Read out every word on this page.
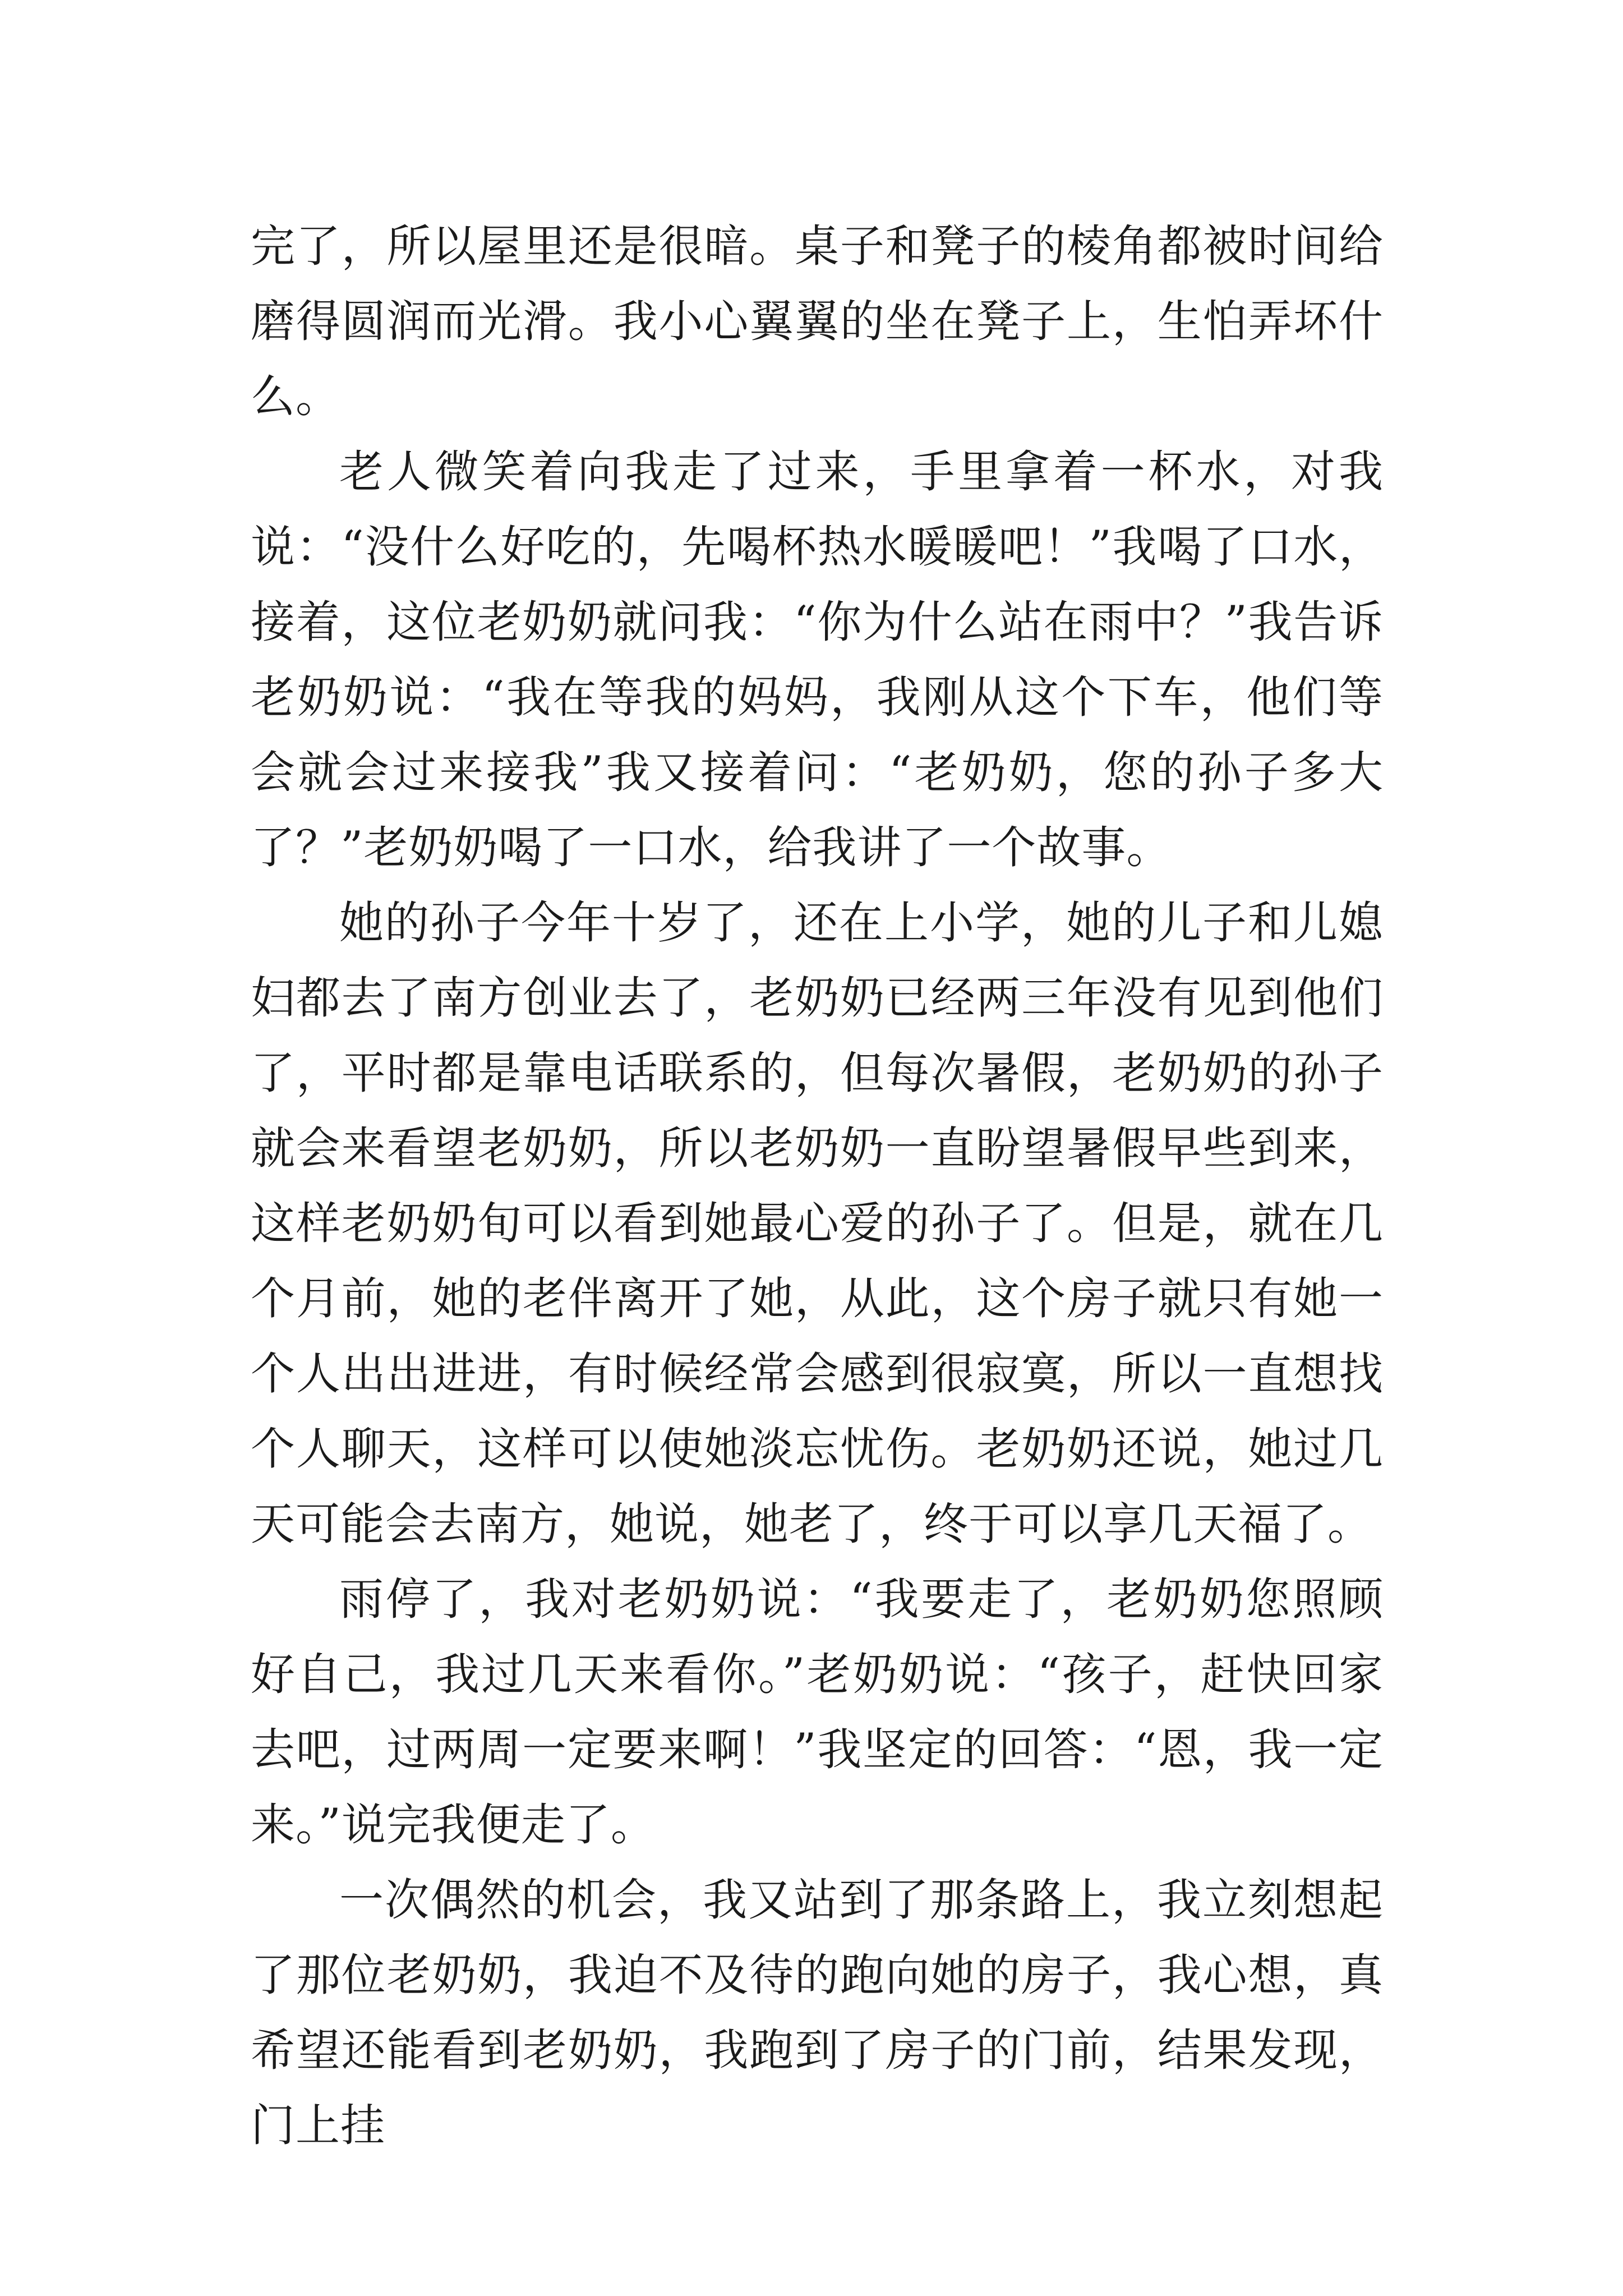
完了，所以屋里还是很暗。桌子和凳子的棱角都被时间给磨得圆润而光滑。我小心翼翼的坐在凳子上，生怕弄坏什么。

老人微笑着向我走了过来，手里拿着一杯水，对我说：“没什么好吃的，先喝杯热水暖暖吧！”我喝了口水，接着，这位老奶奶就问我：“你为什么站在雨中？”我告诉老奶奶说：“我在等我的妈妈，我刚从这个下车，他们等会就会过来接我”我又接着问：“老奶奶，您的孙子多大了？”老奶奶喝了一口水，给我讲了一个故事。

她的孙子今年十岁了，还在上小学，她的儿子和儿媳妇都去了南方创业去了，老奶奶已经两三年没有见到他们了，平时都是靠电话联系的，但每次暑假，老奶奶的孙子就会来看望老奶奶，所以老奶奶一直盼望暑假早些到来，这样老奶奶旬可以看到她最心爱的孙子了。但是，就在几个月前，她的老伴离开了她，从此，这个房子就只有她一个人出出进进，有时候经常会感到很寂寞，所以一直想找个人聊天，这样可以使她淡忘忧伤。老奶奶还说，她过几天可能会去南方，她说，她老了，终于可以享几天福了。

雨停了，我对老奶奶说：“我要走了，老奶奶您照顾好自己，我过几天来看你。”老奶奶说：“孩子，赶快回家去吧，过两周一定要来啊！”我坚定的回答：“恩，我一定来。”说完我便走了。

一次偶然的机会，我又站到了那条路上，我立刻想起了那位老奶奶，我迫不及待的跑向她的房子，我心想，真希望还能看到老奶奶，我跑到了房子的门前，结果发现，门上挂
